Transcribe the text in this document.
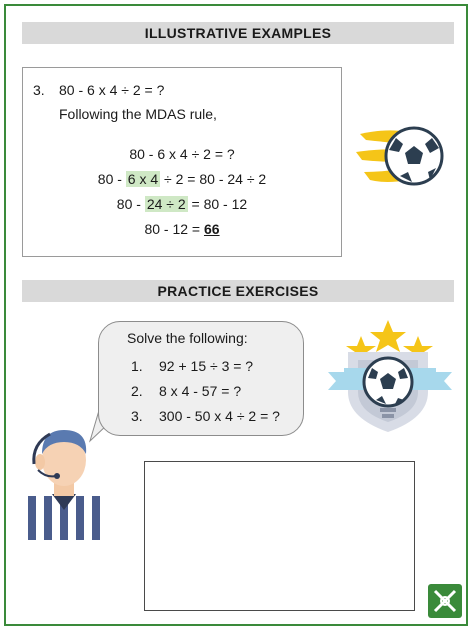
ILLUSTRATIVE EXAMPLES
3. 80 - 6 x 4 ÷ 2 = ?
Following the MDAS rule,
80 - 6 x 4 ÷ 2 = ?
80 - 6 x 4 ÷ 2 = 80 - 24 ÷ 2
80 - 24 ÷ 2 = 80 - 12
80 - 12 = 66
PRACTICE EXERCISES
Solve the following:
1. 92 + 15 ÷ 3 = ?
2. 8 x 4 - 57 = ?
3. 300 - 50 x 4 ÷ 2 = ?
